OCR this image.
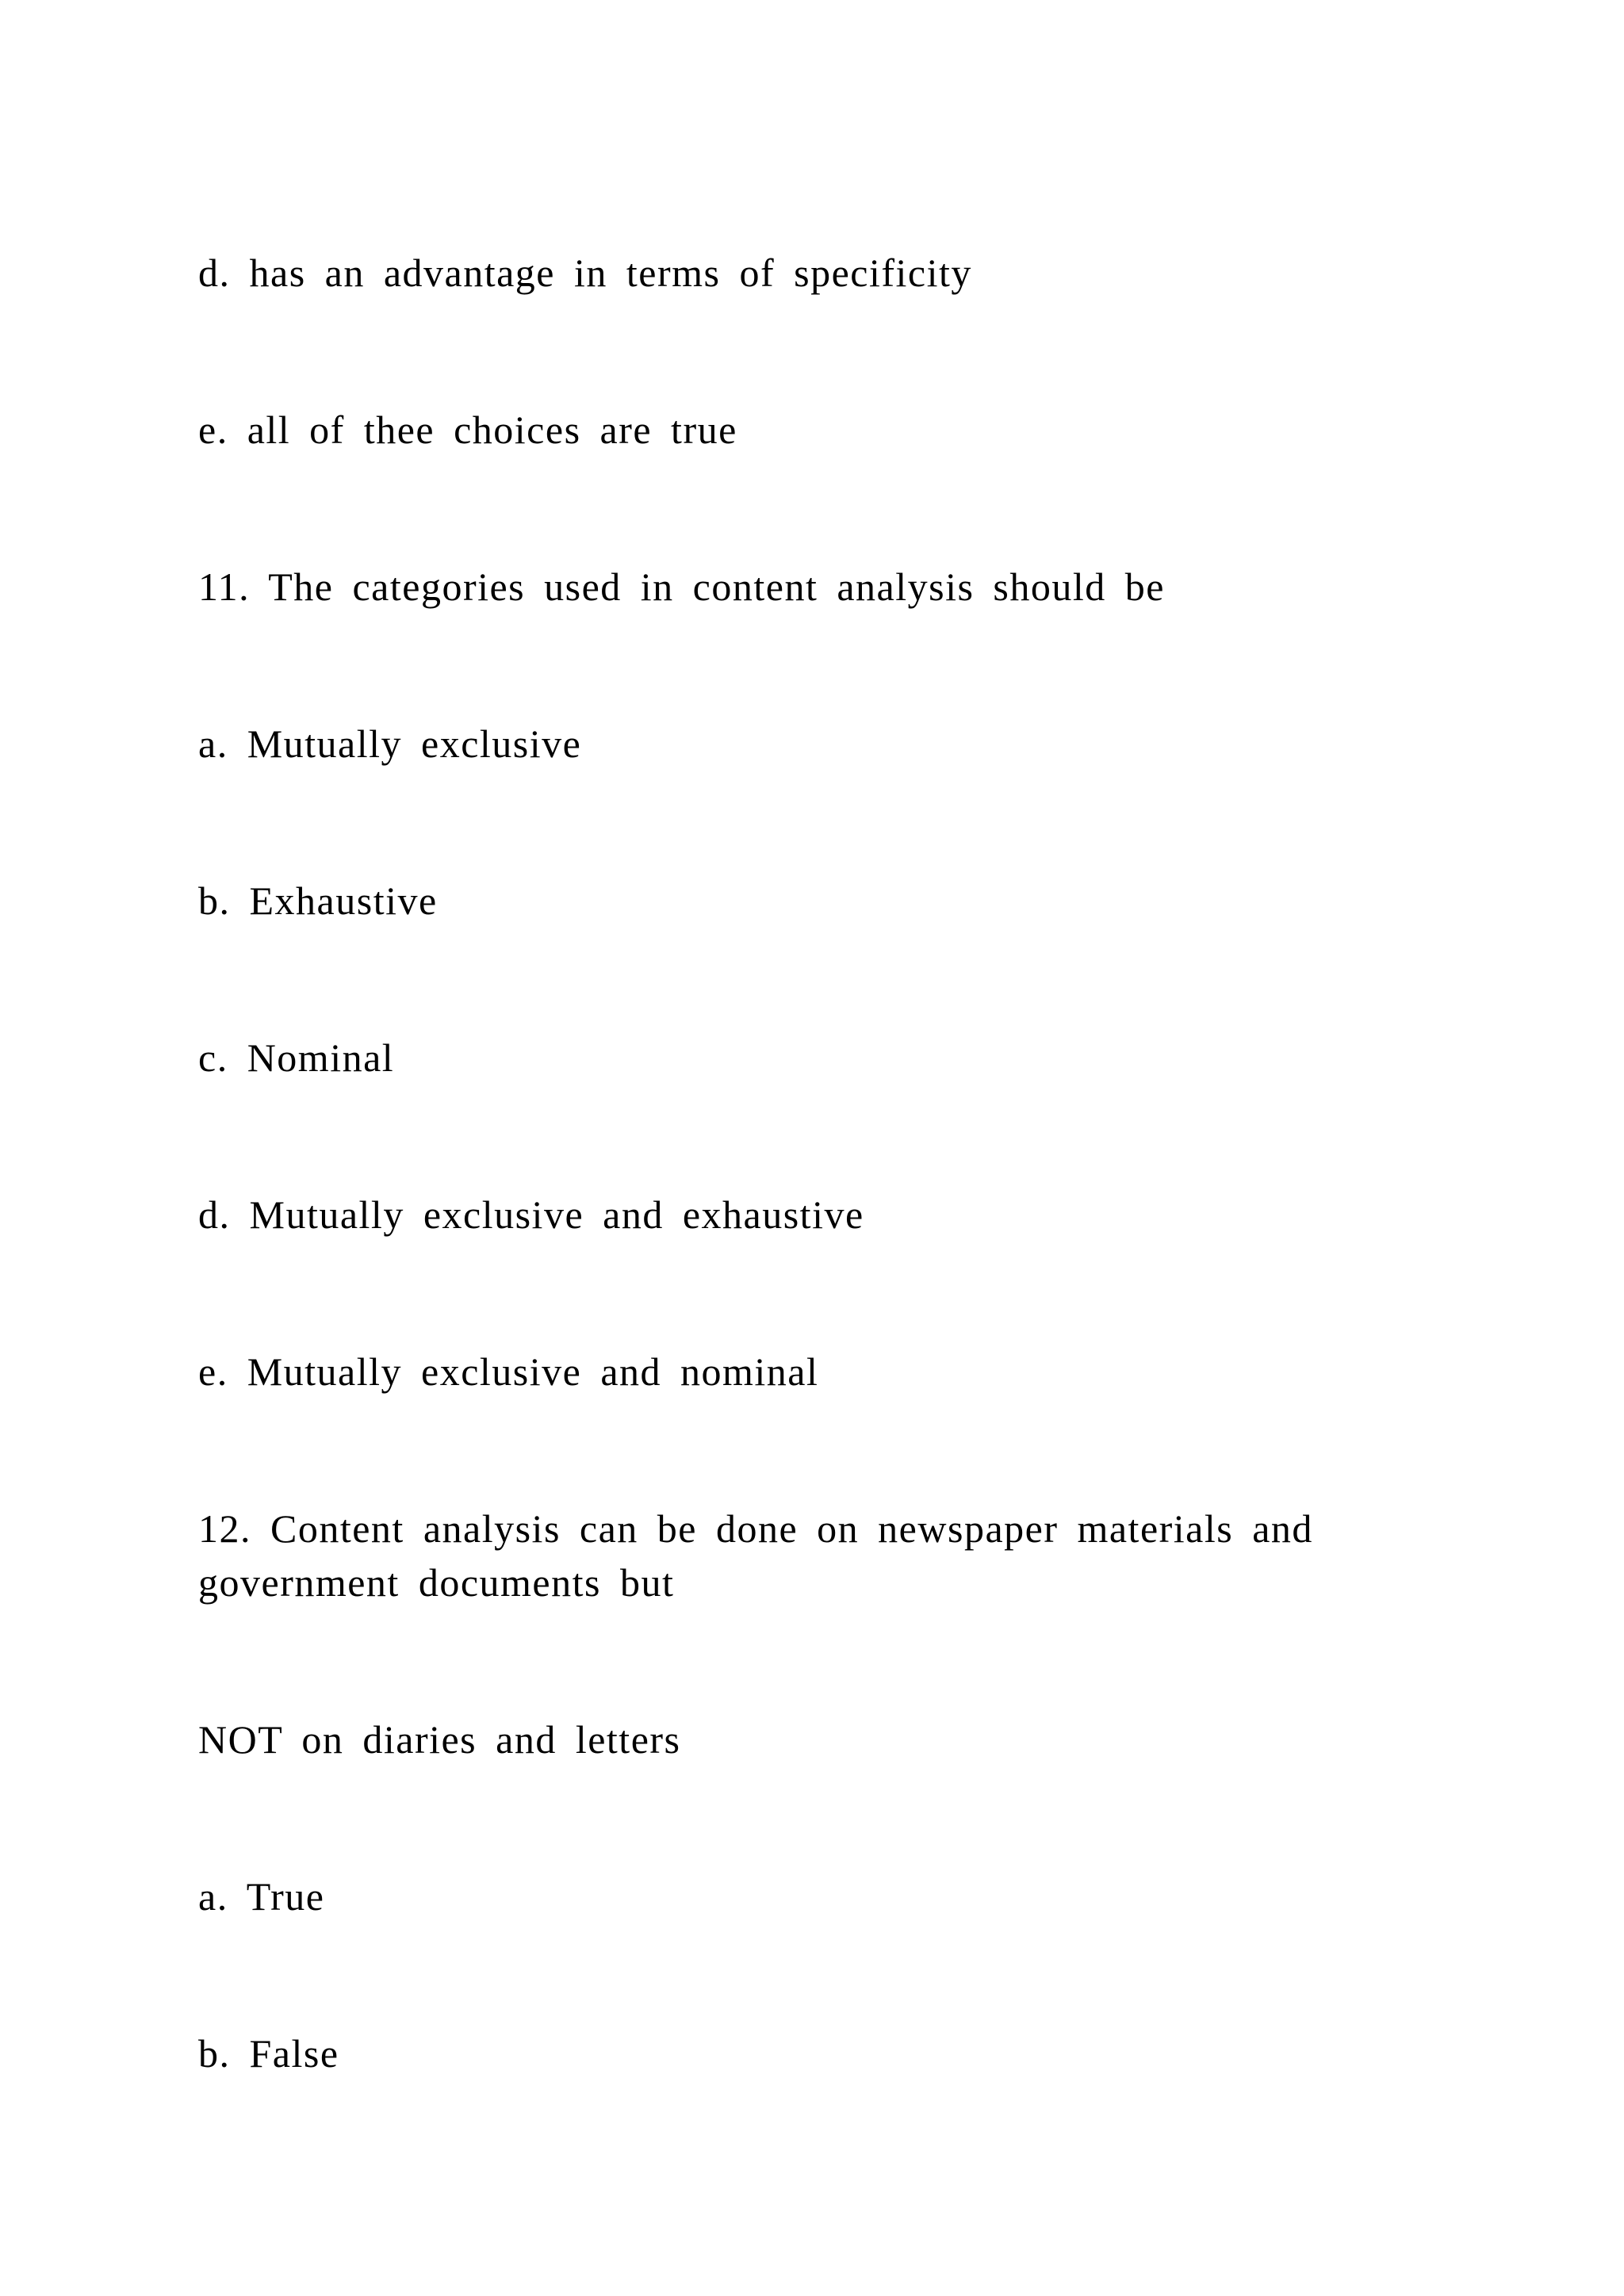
d. has an advantage in terms of specificity

e. all of thee choices are true

11. The categories used in content analysis should be

a. Mutually exclusive

b. Exhaustive

c. Nominal

d. Mutually exclusive and exhaustive

e. Mutually exclusive and nominal

12. Content analysis can be done on newspaper materials and

government documents but

NOT on diaries and letters

a. True

b. False
